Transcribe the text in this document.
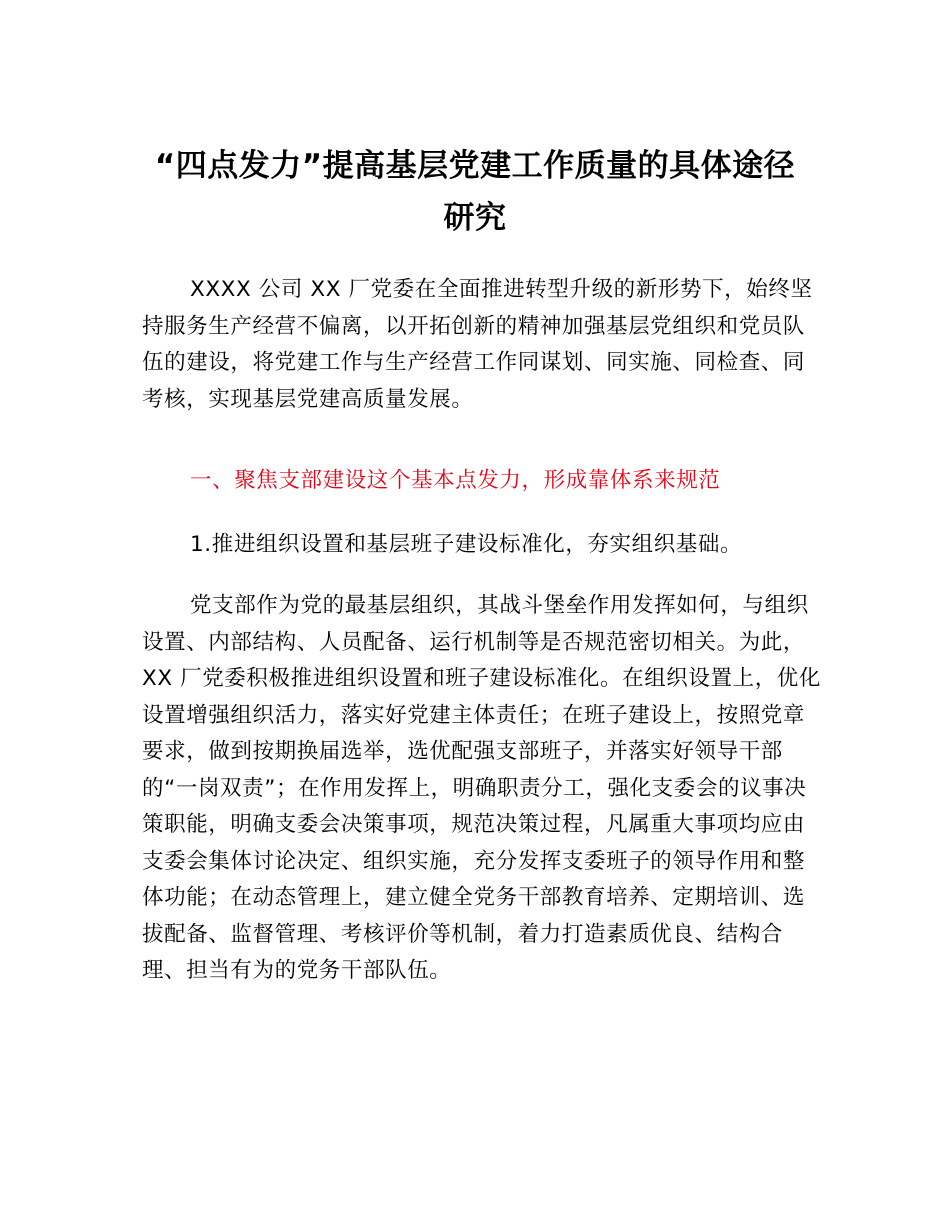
“四点发力”提高基层党建工作质量的具体途径研究

XXXX 公司 XX 厂党委在全面推进转型升级的新形势下，始终坚持服务生产经营不偏离，以开拓创新的精神加强基层党组织和党员队伍的建设，将党建工作与生产经营工作同谋划、同实施、同检查、同考核，实现基层党建高质量发展。

一、聚焦支部建设这个基本点发力，形成靠体系来规范

1.推进组织设置和基层班子建设标准化，夯实组织基础。

党支部作为党的最基层组织，其战斗堡垒作用发挥如何，与组织设置、内部结构、人员配备、运行机制等是否规范密切相关。为此，XX 厂党委积极推进组织设置和班子建设标准化。在组织设置上，优化设置增强组织活力，落实好党建主体责任；在班子建设上，按照党章要求，做到按期换届选举，选优配强支部班子，并落实好领导干部的“一岗双责”；在作用发挥上，明确职责分工，强化支委会的议事决策职能，明确支委会决策事项，规范决策过程，凡属重大事项均应由支委会集体讨论决定、组织实施，充分发挥支委班子的领导作用和整体功能；在动态管理上，建立健全党务干部教育培养、定期培训、选拔配备、监督管理、考核评价等机制，着力打造素质优良、结构合理、担当有为的党务干部队伍。
